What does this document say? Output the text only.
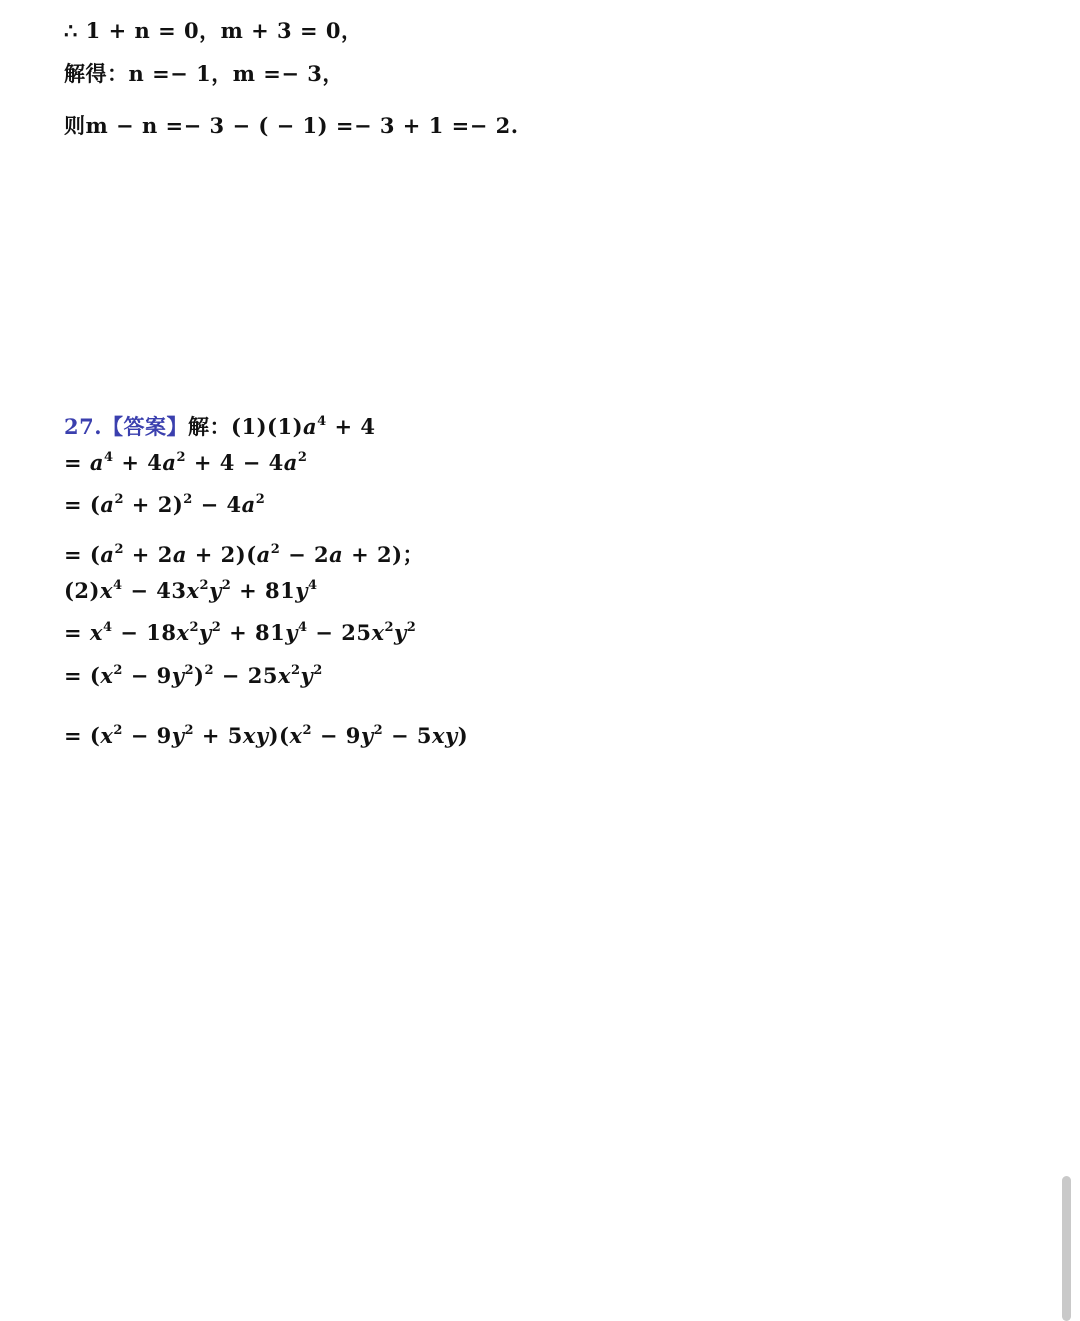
∴ 1 + n = 0，m + 3 = 0，
解得：n =− 1，m =− 3，
则m − n =− 3 − ( − 1) =− 3 + 1 =− 2.
27.【答案】解：$(1)(1)a^4 + 4$
= $a^4 + 4a^2 + 4 - 4a^2$
= $(a^2 + 2)^2 - 4a^2$
= $(a^2 + 2a + 2)(a^2 - 2a + 2)$；
$(2)x^4 - 43x^2y^2 + 81y^4$
= $x^4 - 18x^2y^2 + 81y^4 - 25x^2y^2$
= $(x^2 - 9y^2)^2 - 25x^2y^2$
= $(x^2 - 9y^2 + 5xy)(x^2 - 9y^2 - 5xy)$
